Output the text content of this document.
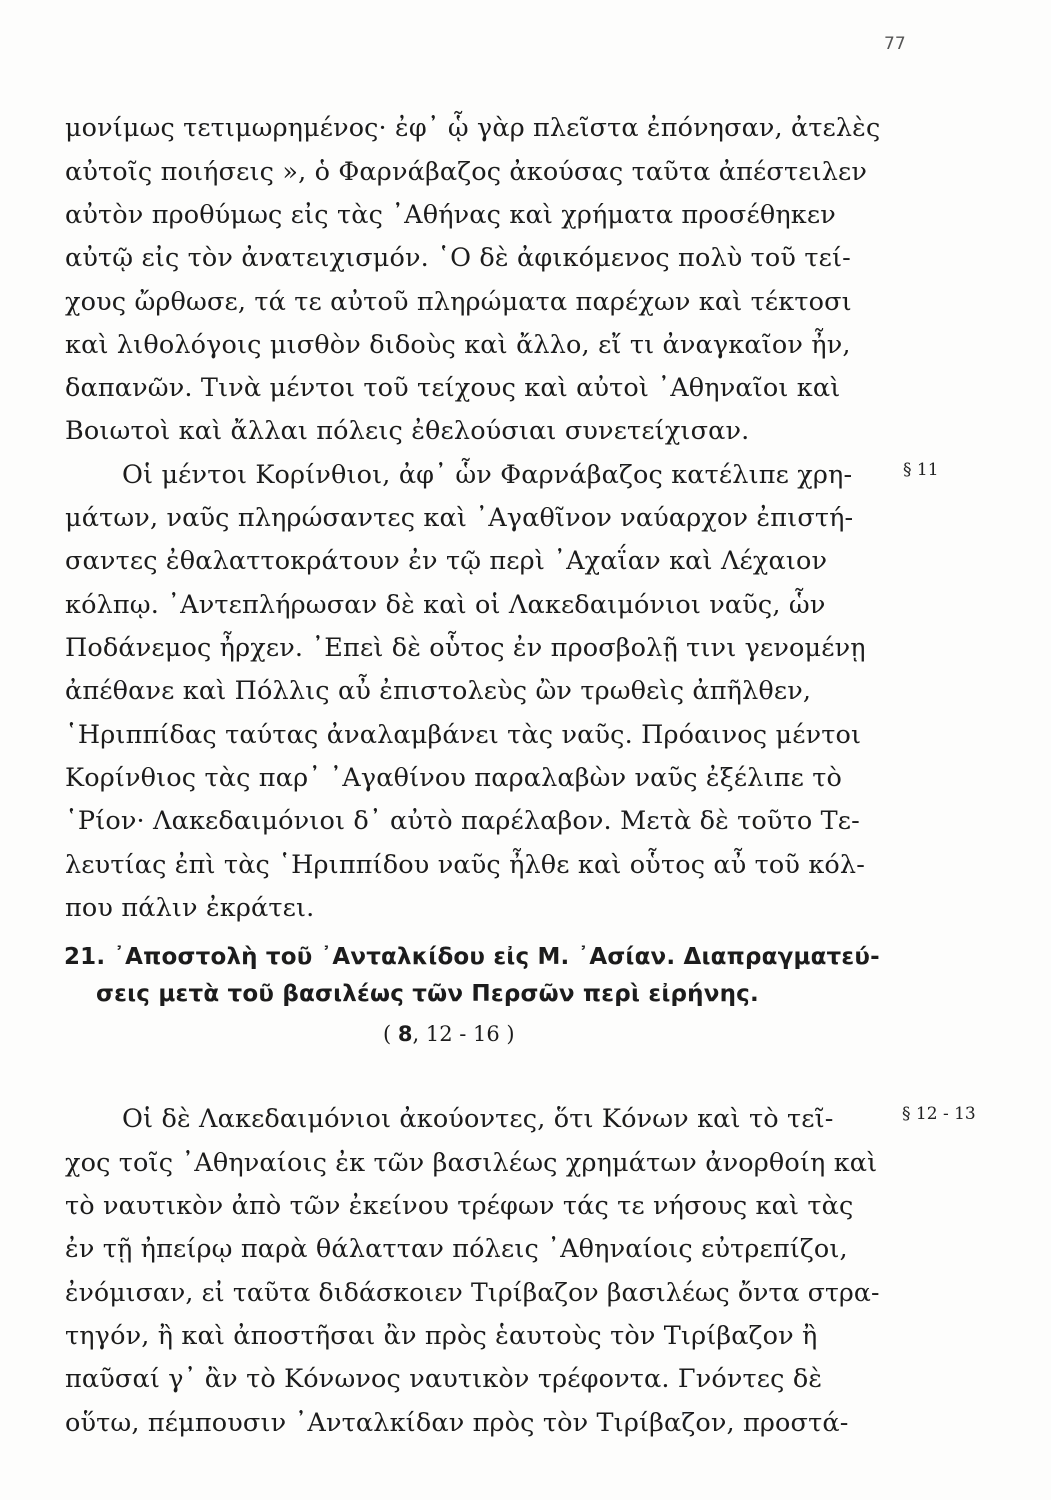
77
μονίμως τετιμωρημένος· ἐφ᾽ ᾧ γὰρ πλεῖστα ἐπόνησαν, ἀτελὲς
αὐτοῖς ποιήσεις », ὁ Φαρνάβαζος ἀκούσας ταῦτα ἀπέστειλεν
αὐτὸν προθύμως εἰς τὰς ᾿Αθήνας καὶ χρήματα προσέθηκεν
αὐτῷ εἰς τὸν ἀνατειχισμόν. ῾Ο δὲ ἀφικόμενος πολὺ τοῦ τεί-
χους ὤρθωσε, τά τε αὐτοῦ πληρώματα παρέχων καὶ τέκτοσι
καὶ λιθολόγοις μισθὸν διδοὺς καὶ ἄλλο, εἴ τι ἀναγκαῖον ἦν,
δαπανῶν. Τινὰ μέντοι τοῦ τείχους καὶ αὐτοὶ ᾿Αθηναῖοι καὶ
Βοιωτοὶ καὶ ἄλλαι πόλεις ἐθελούσιαι συνετείχισαν.
§ 11
Οἱ μέντοι Κορίνθιοι, ἀφ᾽ ὧν Φαρνάβαζος κατέλιπε χρη-
μάτων, ναῦς πληρώσαντες καὶ ᾿Αγαθῖνον ναύαρχον ἐπιστή-
σαντες ἐθαλαττοκράτουν ἐν τῷ περὶ ᾿Αχαΐαν καὶ Λέχαιον
κόλπῳ. ᾿Αντεπλήρωσαν δὲ καὶ οἱ Λακεδαιμόνιοι ναῦς, ὧν
Ποδάνεμος ἦρχεν. ᾿Επεὶ δὲ οὗτος ἐν προσβολῇ τινι γενομένῃ
ἀπέθανε καὶ Πόλλις αὖ ἐπιστολεὺς ὢν τρωθεὶς ἀπῆλθεν,
῾Ηριππίδας ταύτας ἀναλαμβάνει τὰς ναῦς. Πρόαινος μέντοι
Κορίνθιος τὰς παρ᾽ ᾿Αγαθίνου παραλαβὼν ναῦς ἐξέλιπε τὸ
῾Ρίον· Λακεδαιμόνιοι δ᾽ αὐτὸ παρέλαβον. Μετὰ δὲ τοῦτο Τε-
λευτίας ἐπὶ τὰς ῾Ηριππίδου ναῦς ἦλθε καὶ οὗτος αὖ τοῦ κόλ-
που πάλιν ἐκράτει.
21. ᾿Αποστολὴ τοῦ ᾿Ανταλκίδου εἰς Μ. ᾿Ασίαν. Διαπραγματεύ-
σεις μετὰ τοῦ βασιλέως τῶν Περσῶν περὶ εἰρήνης.
( 8, 12 - 16 )
§ 12 - 13
Οἱ δὲ Λακεδαιμόνιοι ἀκούοντες, ὅτι Κόνων καὶ τὸ τεῖ-
χος τοῖς ᾿Αθηναίοις ἐκ τῶν βασιλέως χρημάτων ἀνορθοίη καὶ
τὸ ναυτικὸν ἀπὸ τῶν ἐκείνου τρέφων τάς τε νήσους καὶ τὰς
ἐν τῇ ἠπείρῳ παρὰ θάλατταν πόλεις ᾿Αθηναίοις εὐτρεπίζοι,
ἐνόμισαν, εἰ ταῦτα διδάσκοιεν Τιρίβαζον βασιλέως ὄντα στρα-
τηγόν, ἢ καὶ ἀποστῆσαι ἂν πρὸς ἑαυτοὺς τὸν Τιρίβαζον ἢ
παῦσαί γ᾽ ἂν τὸ Κόνωνος ναυτικὸν τρέφοντα. Γνόντες δὲ
οὕτω, πέμπουσιν ᾿Ανταλκίδαν πρὸς τὸν Τιρίβαζον, προστά-
